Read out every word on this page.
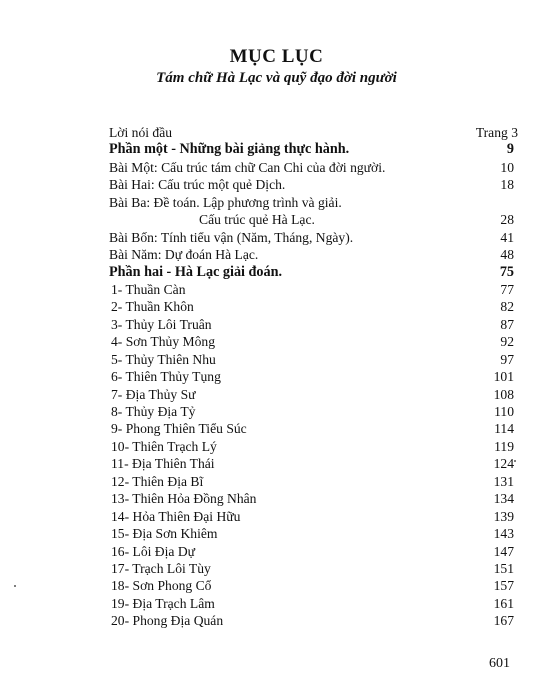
MỤC LỤC
Tám chữ Hà Lạc và quỹ đạo đời người
Lời nói đầu	Trang 3
Phần một - Những bài giảng thực hành.	9
Bài Một: Cấu trúc tám chữ Can Chi của đời người.	10
Bài Hai: Cấu trúc một quẻ Dịch.	18
Bài Ba: Đề toán. Lập phương trình và giải.
Cấu trúc quẻ Hà Lạc.	28
Bài Bốn: Tính tiểu vận (Năm, Tháng, Ngày).	41
Bài Năm: Dự đoán Hà Lạc.	48
Phần hai - Hà Lạc giải đoán.	75
1- Thuần Càn	77
2- Thuần Khôn	82
3- Thủy Lôi Truân	87
4- Sơn Thủy Mông	92
5- Thủy Thiên Nhu	97
6- Thiên Thủy Tụng	101
7- Địa Thủy Sư	108
8- Thủy Địa Tỷ	110
9- Phong Thiên Tiểu Súc	114
10- Thiên Trạch Lý	119
11- Địa Thiên Thái	124
12- Thiên Địa Bĩ	131
13- Thiên Hỏa Đồng Nhân	134
14- Hỏa Thiên Đại Hữu	139
15- Địa Sơn Khiêm	143
16- Lôi Địa Dự	147
17- Trạch Lôi Tùy	151
18- Sơn Phong Cổ	157
19- Địa Trạch Lâm	161
20- Phong Địa Quán	167
601
